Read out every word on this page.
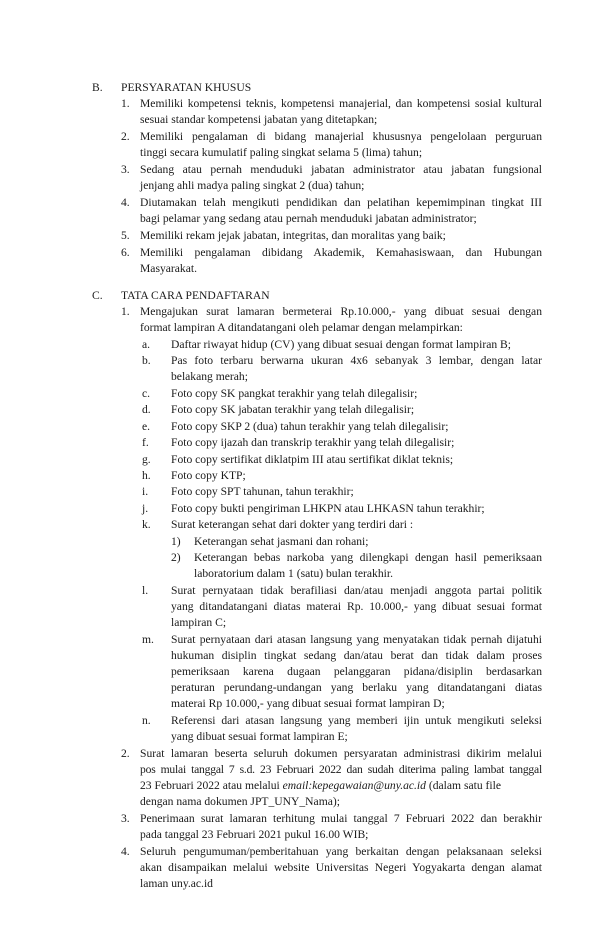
B. PERSYARATAN KHUSUS
1. Memiliki kompetensi teknis, kompetensi manajerial, dan kompetensi sosial kultural
sesuai standar kompetensi jabatan yang ditetapkan;
2. Memiliki pengalaman di bidang manajerial khususnya pengelolaan perguruan
tinggi secara kumulatif paling singkat selama 5 (lima) tahun;
3. Sedang atau pernah menduduki jabatan administrator atau jabatan fungsional
jenjang ahli madya paling singkat 2 (dua) tahun;
4. Diutamakan telah mengikuti pendidikan dan pelatihan kepemimpinan tingkat III
bagi pelamar yang sedang atau pernah menduduki jabatan administrator;
5. Memiliki rekam jejak jabatan, integritas, dan moralitas yang baik;
6. Memiliki pengalaman dibidang Akademik, Kemahasiswaan, dan Hubungan
Masyarakat.
C. TATA CARA PENDAFTARAN
1. Mengajukan surat lamaran bermeterai Rp.10.000,- yang dibuat sesuai dengan
format lampiran A ditandatangani oleh pelamar dengan melampirkan:
a. Daftar riwayat hidup (CV) yang dibuat sesuai dengan format lampiran B;
b. Pas foto terbaru berwarna ukuran 4x6 sebanyak 3 lembar, dengan latar
belakang merah;
c. Foto copy SK pangkat terakhir yang telah dilegalisir;
d. Foto copy SK jabatan terakhir yang telah dilegalisir;
e. Foto copy SKP 2 (dua) tahun terakhir yang telah dilegalisir;
f. Foto copy ijazah dan transkrip terakhir yang telah dilegalisir;
g. Foto copy sertifikat diklatpim III atau sertifikat diklat teknis;
h. Foto copy KTP;
i. Foto copy SPT tahunan, tahun terakhir;
j. Foto copy bukti pengiriman LHKPN atau LHKASN tahun terakhir;
k. Surat keterangan sehat dari dokter yang terdiri dari :
1) Keterangan sehat jasmani dan rohani;
2) Keterangan bebas narkoba yang dilengkapi dengan hasil pemeriksaan
laboratorium dalam 1 (satu) bulan terakhir.
l. Surat pernyataan tidak berafiliasi dan/atau menjadi anggota partai politik
yang ditandatangani diatas materai Rp. 10.000,- yang dibuat sesuai format
lampiran C;
m. Surat pernyataan dari atasan langsung yang menyatakan tidak pernah dijatuhi
hukuman disiplin tingkat sedang dan/atau berat dan tidak dalam proses
pemeriksaan karena dugaan pelanggaran pidana/disiplin berdasarkan
peraturan perundang-undangan yang berlaku yang ditandatangani diatas
materai Rp 10.000,- yang dibuat sesuai format lampiran D;
n. Referensi dari atasan langsung yang memberi ijin untuk mengikuti seleksi
yang dibuat sesuai format lampiran E;
2. Surat lamaran beserta seluruh dokumen persyaratan administrasi dikirim melalui
pos mulai tanggal 7 s.d. 23 Februari 2022 dan sudah diterima paling lambat tanggal
23 Februari 2022 atau melalui email:kepegawaian@uny.ac.id (dalam satu file
dengan nama dokumen JPT_UNY_Nama);
3. Penerimaan surat lamaran terhitung mulai tanggal 7 Februari 2022 dan berakhir
pada tanggal 23 Februari 2021 pukul 16.00 WIB;
4. Seluruh pengumuman/pemberitahuan yang berkaitan dengan pelaksanaan seleksi
akan disampaikan melalui website Universitas Negeri Yogyakarta dengan alamat
laman uny.ac.id
